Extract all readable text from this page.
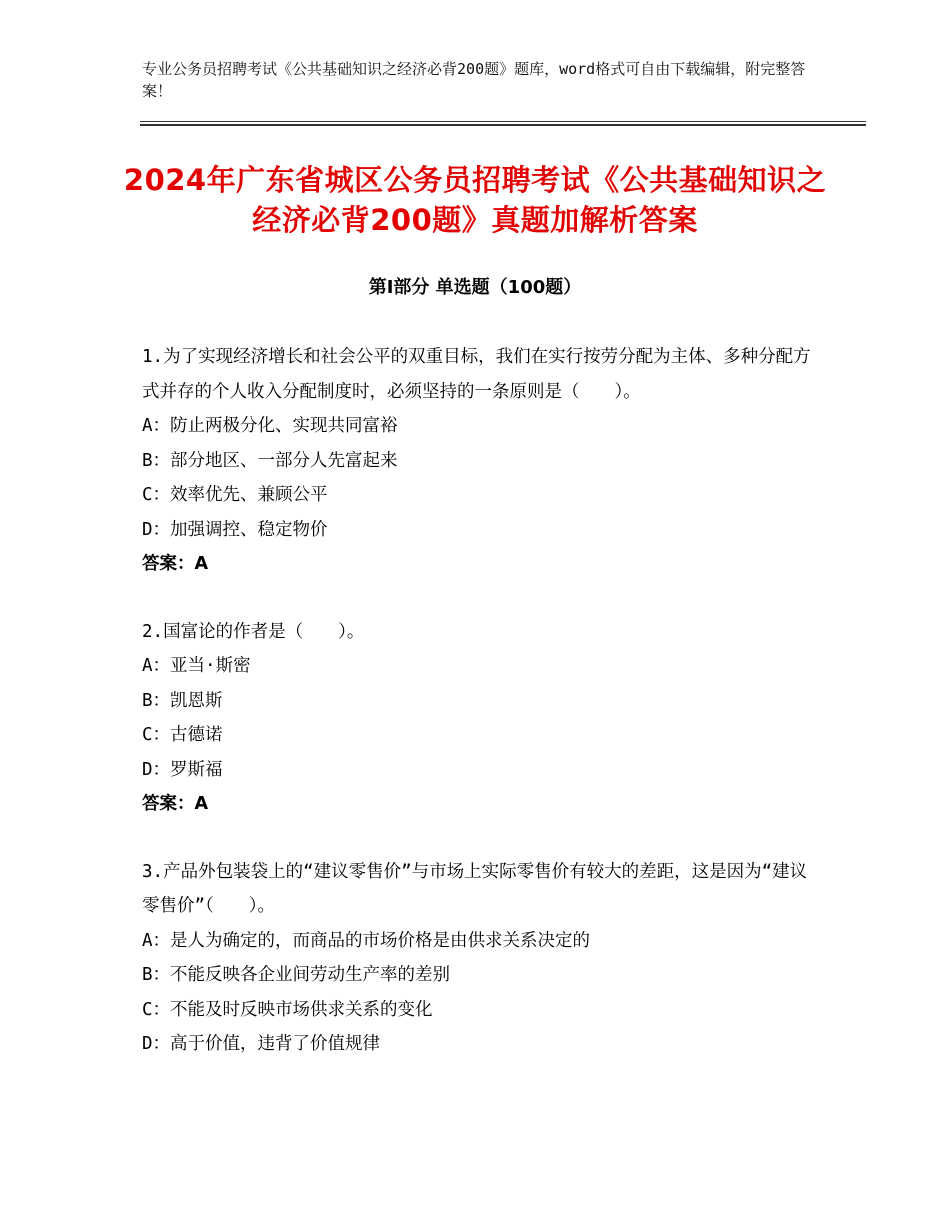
专业公务员招聘考试《公共基础知识之经济必背200题》题库，word格式可自由下载编辑，附完整答案！
2024年广东省城区公务员招聘考试《公共基础知识之经济必背200题》真题加解析答案
第Ⅰ部分 单选题（100题）

1.为了实现经济增长和社会公平的双重目标，我们在实行按劳分配为主体、多种分配方式并存的个人收入分配制度时，必须坚持的一条原则是（　　）。

A：防止两极分化、实现共同富裕

B：部分地区、一部分人先富起来

C：效率优先、兼顾公平

D：加强调控、稳定物价

答案：A

2.国富论的作者是（　　）。

A：亚当·斯密

B：凯恩斯

C：古德诺

D：罗斯福

答案：A

3.产品外包装袋上的“建议零售价”与市场上实际零售价有较大的差距，这是因为“建议零售价”（　　）。

A：是人为确定的，而商品的市场价格是由供求关系决定的

B：不能反映各企业间劳动生产率的差别

C：不能及时反映市场供求关系的变化

D：高于价值，违背了价值规律
